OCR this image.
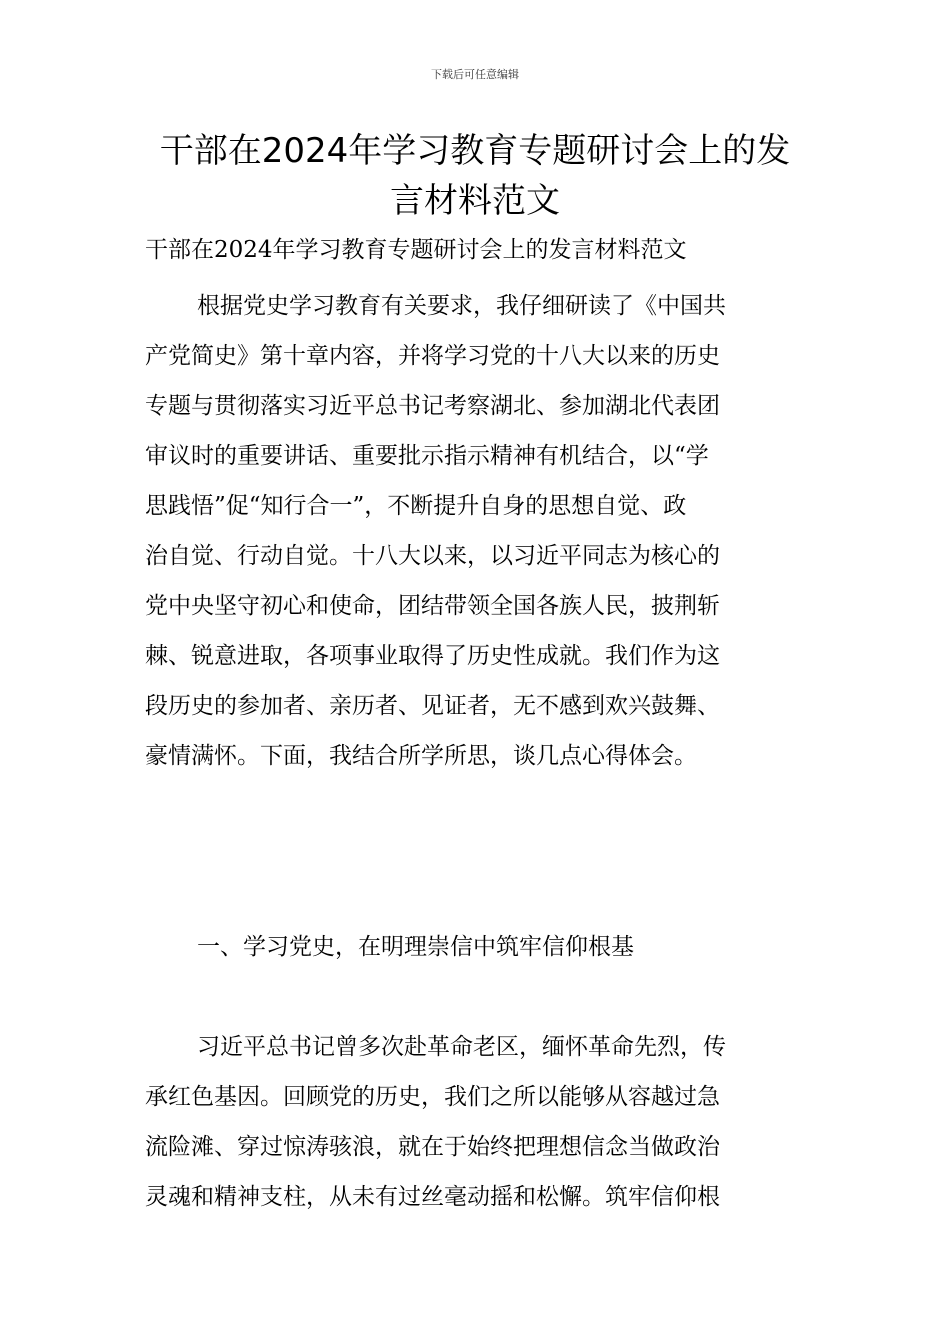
下载后可任意编辑
干部在2024年学习教育专题研讨会上的发
言材料范文
干部在2024年学习教育专题研讨会上的发言材料范文
根据党史学习教育有关要求，我仔细研读了《中国共
产党简史》第十章内容，并将学习党的十八大以来的历史
专题与贯彻落实习近平总书记考察湖北、参加湖北代表团
审议时的重要讲话、重要批示指示精神有机结合，以“学
思践悟”促“知行合一”，不断提升自身的思想自觉、政
治自觉、行动自觉。十八大以来，以习近平同志为核心的
党中央坚守初心和使命，团结带领全国各族人民，披荆斩
棘、锐意进取，各项事业取得了历史性成就。我们作为这
段历史的参加者、亲历者、见证者，无不感到欢兴鼓舞、
豪情满怀。下面，我结合所学所思，谈几点心得体会。
一、学习党史，在明理崇信中筑牢信仰根基
习近平总书记曾多次赴革命老区，缅怀革命先烈，传
承红色基因。回顾党的历史，我们之所以能够从容越过急
流险滩、穿过惊涛骇浪，就在于始终把理想信念当做政治
灵魂和精神支柱，从未有过丝毫动摇和松懈。筑牢信仰根
